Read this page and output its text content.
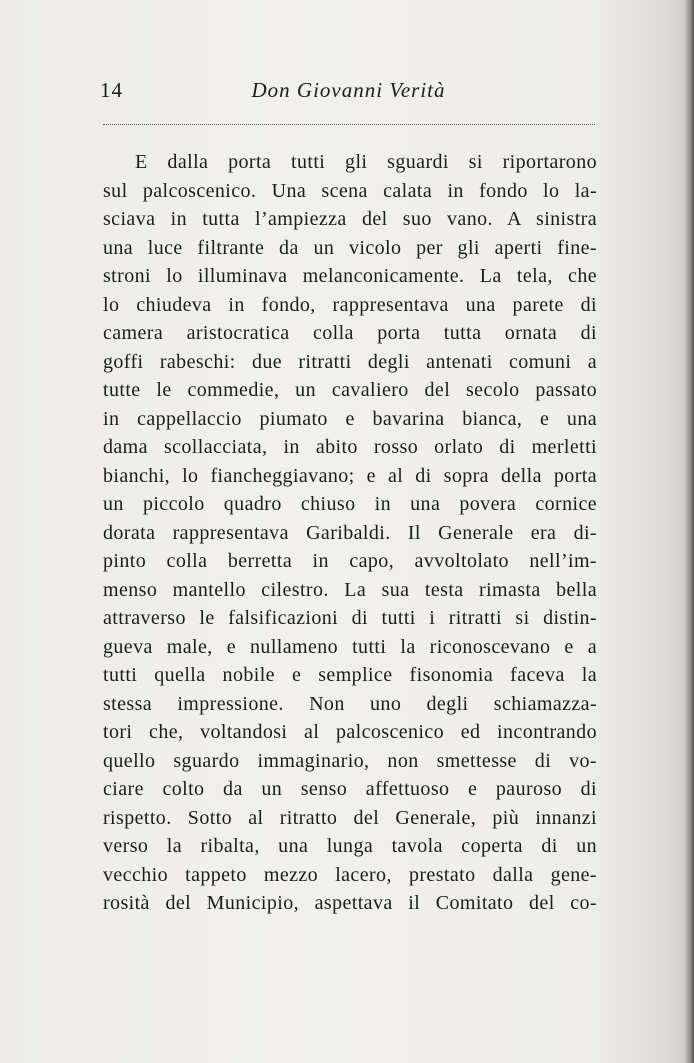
14	Don Giovanni Verità
E dalla porta tutti gli sguardi si riportarono
sul palcoscenico. Una scena calata in fondo lo la-
sciava in tutta l’ampiezza del suo vano. A sinistra
una luce filtrante da un vicolo per gli aperti fine-
stroni lo illuminava melanconicamente. La tela, che
lo chiudeva in fondo, rappresentava una parete di
camera aristocratica colla porta tutta ornata di
goffi rabeschi: due ritratti degli antenati comuni a
tutte le commedie, un cavaliero del secolo passato
in cappellaccio piumato e bavarina bianca, e una
dama scollacciata, in abito rosso orlato di merletti
bianchi, lo fiancheggiavano; e al di sopra della porta
un piccolo quadro chiuso in una povera cornice
dorata rappresentava Garibaldi. Il Generale era di-
pinto colla berretta in capo, avvoltolato nell’im-
menso mantello cilestro. La sua testa rimasta bella
attraverso le falsificazioni di tutti i ritratti si distin-
gueva male, e nullameno tutti la riconoscevano e a
tutti quella nobile e semplice fisonomia faceva la
stessa impressione. Non uno degli schiamazza-
tori che, voltandosi al palcoscenico ed incontrando
quello sguardo immaginario, non smettesse di vo-
ciare colto da un senso affettuoso e pauroso di
rispetto. Sotto al ritratto del Generale, più innanzi
verso la ribalta, una lunga tavola coperta di un
vecchio tappeto mezzo lacero, prestato dalla gene-
rosità del Municipio, aspettava il Comitato del co-
